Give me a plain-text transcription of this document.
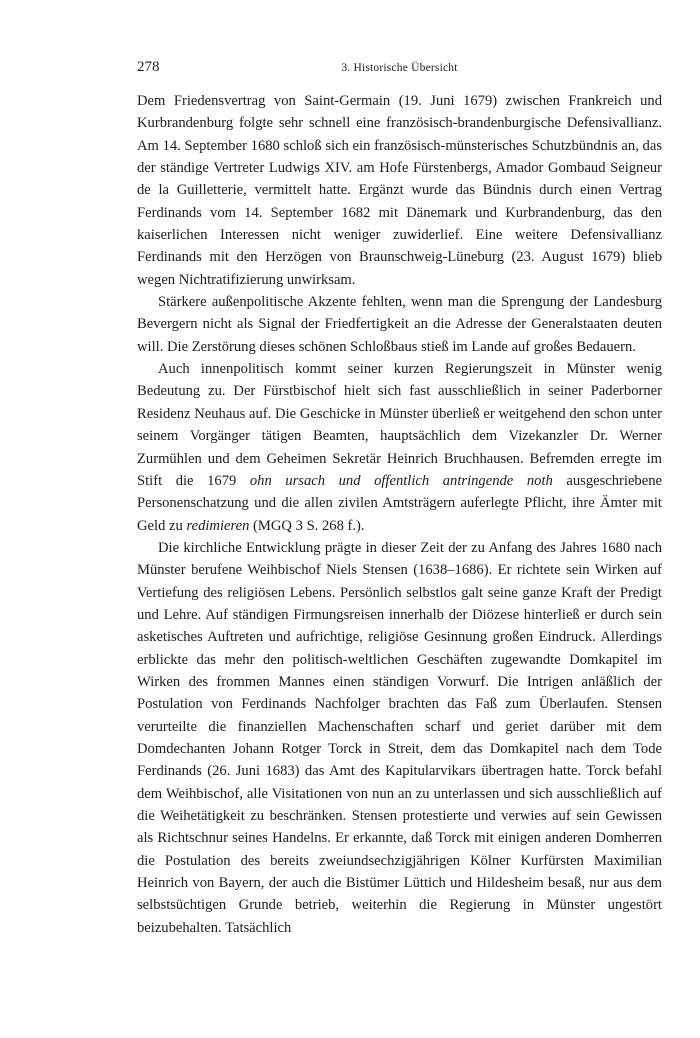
278	3. Historische Übersicht

Dem Friedensvertrag von Saint-Germain (19. Juni 1679) zwischen Frankreich und Kurbrandenburg folgte sehr schnell eine französisch-brandenburgische Defensivallianz. Am 14. September 1680 schloß sich ein französisch-münsterisches Schutzbündnis an, das der ständige Vertreter Ludwigs XIV. am Hofe Fürstenbergs, Amador Gombaud Seigneur de la Guilletterie, vermittelt hatte. Ergänzt wurde das Bündnis durch einen Vertrag Ferdinands vom 14. September 1682 mit Dänemark und Kurbrandenburg, das den kaiserlichen Interessen nicht weniger zuwiderlief. Eine weitere Defensivallianz Ferdinands mit den Herzögen von Braunschweig-Lüneburg (23. August 1679) blieb wegen Nichtratifizierung unwirksam.

Stärkere außenpolitische Akzente fehlten, wenn man die Sprengung der Landesburg Bevergern nicht als Signal der Friedfertigkeit an die Adresse der Generalstaaten deuten will. Die Zerstörung dieses schönen Schloßbaus stieß im Lande auf großes Bedauern.

Auch innenpolitisch kommt seiner kurzen Regierungszeit in Münster wenig Bedeutung zu. Der Fürstbischof hielt sich fast ausschließlich in seiner Paderborner Residenz Neuhaus auf. Die Geschicke in Münster überließ er weitgehend den schon unter seinem Vorgänger tätigen Beamten, hauptsächlich dem Vizekanzler Dr. Werner Zurmühlen und dem Geheimen Sekretär Heinrich Bruchhausen. Befremden erregte im Stift die 1679 ohn ursach und offentlich antringende noth ausgeschriebene Personenschatzung und die allen zivilen Amtsträgern auferlegte Pflicht, ihre Ämter mit Geld zu redimieren (MGQ 3 S. 268 f.).

Die kirchliche Entwicklung prägte in dieser Zeit der zu Anfang des Jahres 1680 nach Münster berufene Weihbischof Niels Stensen (1638–1686). Er richtete sein Wirken auf Vertiefung des religiösen Lebens. Persönlich selbstlos galt seine ganze Kraft der Predigt und Lehre. Auf ständigen Firmungsreisen innerhalb der Diözese hinterließ er durch sein asketisches Auftreten und aufrichtige, religiöse Gesinnung großen Eindruck. Allerdings erblickte das mehr den politisch-weltlichen Geschäften zugewandte Domkapitel im Wirken des frommen Mannes einen ständigen Vorwurf. Die Intrigen anläßlich der Postulation von Ferdinands Nachfolger brachten das Faß zum Überlaufen. Stensen verurteilte die finanziellen Machenschaften scharf und geriet darüber mit dem Domdechanten Johann Rotger Torck in Streit, dem das Domkapitel nach dem Tode Ferdinands (26. Juni 1683) das Amt des Kapitularvikars übertragen hatte. Torck befahl dem Weihbischof, alle Visitationen von nun an zu unterlassen und sich ausschließlich auf die Weihetätigkeit zu beschränken. Stensen protestierte und verwies auf sein Gewissen als Richtschnur seines Handelns. Er erkannte, daß Torck mit einigen anderen Domherren die Postulation des bereits zweiundsechzigjährigen Kölner Kurfürsten Maximilian Heinrich von Bayern, der auch die Bistümer Lüttich und Hildesheim besaß, nur aus dem selbstsüchtigen Grunde betrieb, weiterhin die Regierung in Münster ungestört beizubehalten. Tatsächlich
